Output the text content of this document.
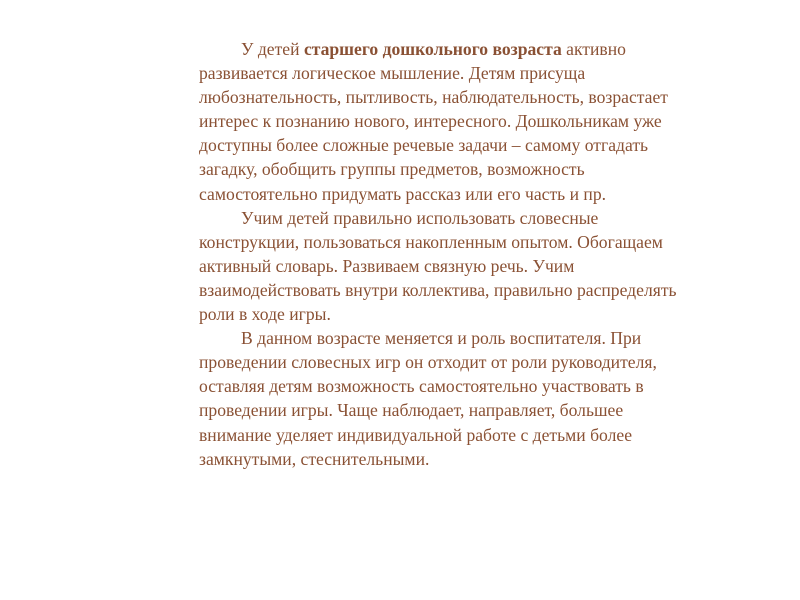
У детей старшего дошкольного возраста активно
развивается логическое мышление. Детям присуща
любознательность, пытливость, наблюдательность, возрастает
интерес к познанию нового, интересного. Дошкольникам уже
доступны более сложные речевые задачи – самому отгадать
загадку, обобщить группы предметов, возможность
самостоятельно придумать рассказ или его часть и пр.

Учим детей правильно использовать словесные
конструкции, пользоваться накопленным опытом. Обогащаем
активный словарь. Развиваем связную речь. Учим
взаимодействовать внутри коллектива, правильно распределять
роли в ходе игры.

В данном возрасте меняется и роль воспитателя. При
проведении словесных игр он отходит от роли руководителя,
оставляя детям возможность самостоятельно участвовать в
проведении игры. Чаще наблюдает, направляет, большее
внимание уделяет индивидуальной работе с детьми более
замкнутыми, стеснительными.
